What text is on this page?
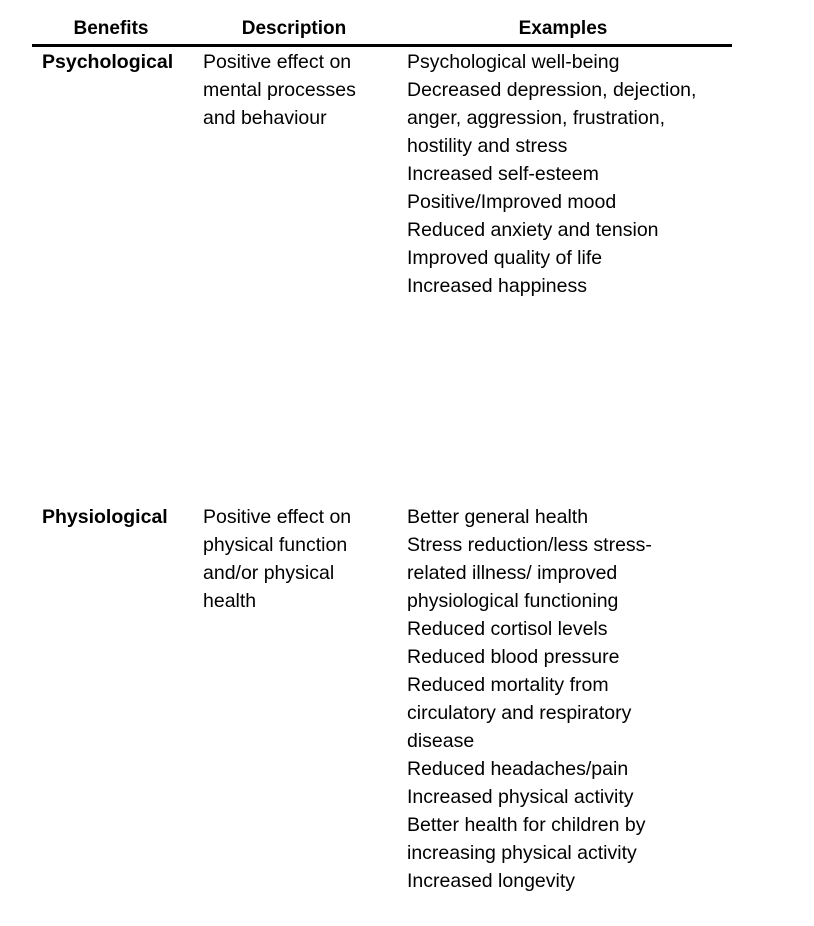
Benefits	Description	Examples
Psychological Positive effect on
mental processes
and behaviour
Psychological well-being
Decreased depression, dejection,
anger, aggression, frustration,
hostility and stress
Increased self-esteem
Positive/Improved mood
Reduced anxiety and tension
Improved quality of life
Increased happiness
Physiological Positive effect on
physical function
and/or physical
health
Better general health
Stress reduction/less stress-
related illness/ improved
physiological functioning
Reduced cortisol levels
Reduced blood pressure
Reduced mortality from
circulatory and respiratory
disease
Reduced headaches/pain
Increased physical activity
Better health for children by
increasing physical activity
Increased longevity
